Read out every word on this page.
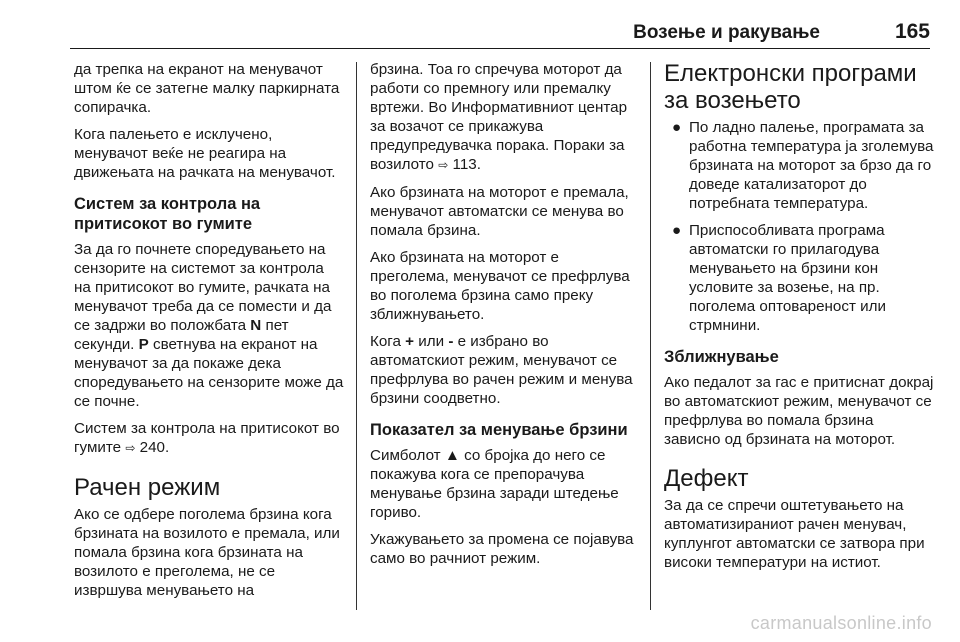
Возење и ракување	165

да трепка на екранот на менувачот штом ќе се затегне малку паркирната сопирачка.

Кога палењето е исклучено, менувачот веќе не реагира на движењата на рачката на менувачот.

Систем за контрола на притисокот во гумите

За да го почнете споредувањето на сензорите на системот за контрола на притисокот во гумите, рачката на менувачот треба да се помести и да се задржи во положбата N пет секунди. P светнува на екранот на менувачот за да покаже дека споредувањето на сензорите може да се почне.

Систем за контрола на притисокот во гумите ⇨ 240.

Рачен режим

Ако се одбере поголема брзина кога брзината на возилото е премала, или помала брзина кога брзината на возилото е преголема, не се извршува менувањето на

брзина. Тоа го спречува моторот да работи со премногу или премалку вртежи. Во Информативниот центар за возачот се прикажува предупредувачка порака. Пораки за возилото ⇨ 113.

Ако брзината на моторот е премала, менувачот автоматски се менува во помала брзина.

Ако брзината на моторот е преголема, менувачот се префрлува во поголема брзина само преку зближнувањето.

Кога + или - е избрано во автоматскиот режим, менувачот се префрлува во рачен режим и менува брзини соодветно.

Показател за менување брзини

Симболот ▲ со бројка до него се покажува кога се препорачува менување брзина заради штедење гориво.

Укажувањето за промена се појавува само во рачниот режим.

Електронски програми за возењето
● По ладно палење, програмата за работна температура ја зголемува брзината на моторот за брзо да го доведе катализаторот до потребната температура.
● Приспособливата програма автоматски го прилагодува менувањето на брзини кон условите за возење, на пр. поголема оптовареност или стрмнини.
Зближнување

Ако педалот за гас е притиснат докрај во автоматскиот режим, менувачот се префрлува во помала брзина зависно од брзината на моторот.

Дефект

За да се спречи оштетувањето на автоматизираниот рачен менувач, куплунгот автоматски се затвора при високи температури на истиот.

carmanualsonline.info
